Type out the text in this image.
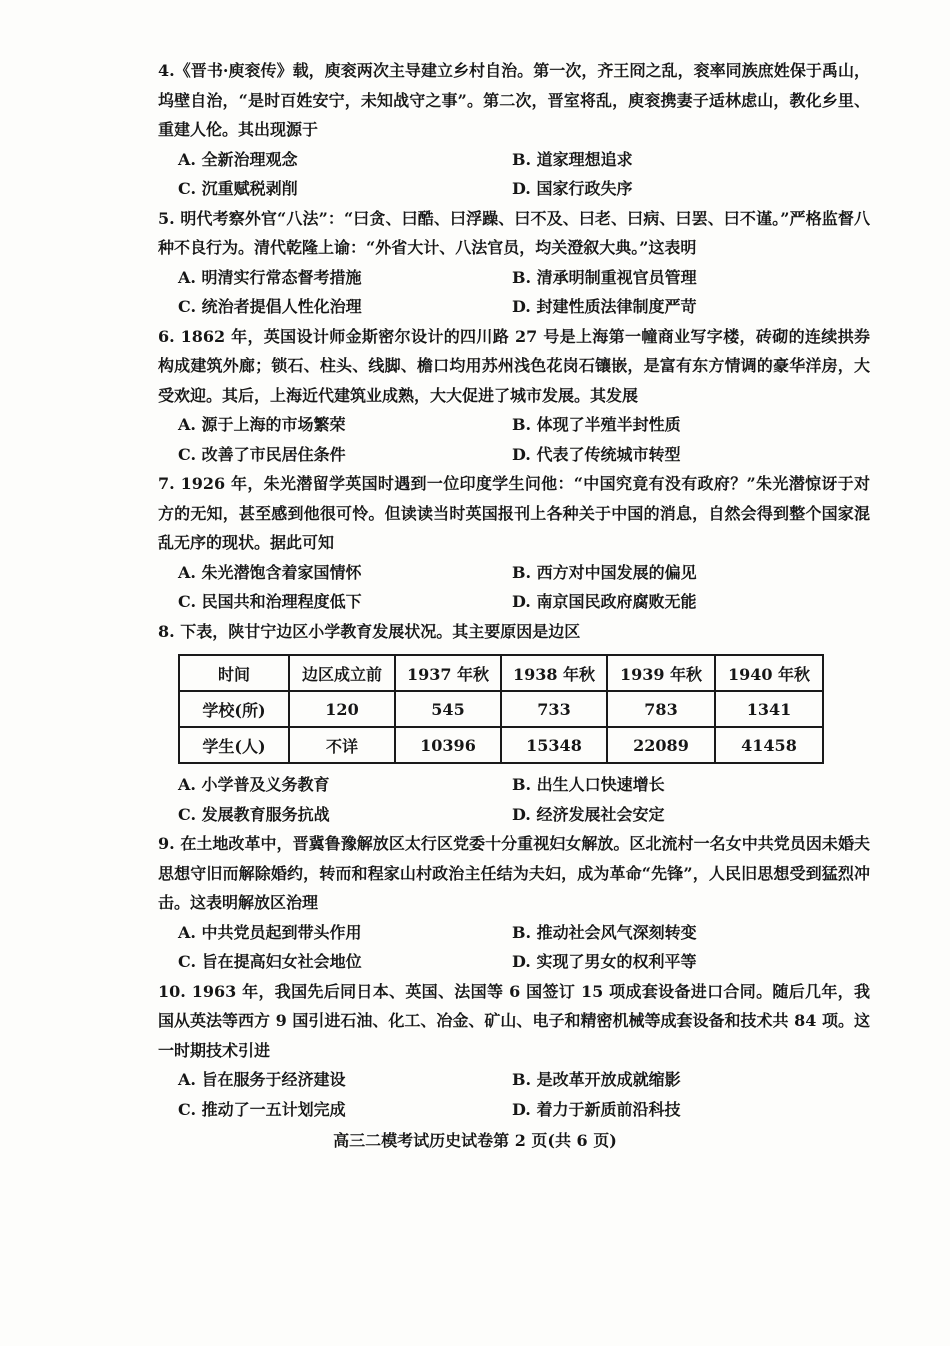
4.《晋书·庾衮传》载，庾衮两次主导建立乡村自治。第一次，齐王冏之乱，衮率同族庶姓保于禹山，坞壁自治，“是时百姓安宁，未知战守之事”。第二次，晋室将乱，庾衮携妻子适林虑山，教化乡里、重建人伦。其出现源于
A. 全新治理观念	B. 道家理想追求
C. 沉重赋税剥削	D. 国家行政失序
5. 明代考察外官“八法”：“曰贪、曰酷、曰浮躁、曰不及、曰老、曰病、曰罢、曰不谨。”严格监督八种不良行为。清代乾隆上谕：“外省大计、八法官员，均关澄叙大典。”这表明
A. 明清实行常态督考措施	B. 清承明制重视官员管理
C. 统治者提倡人性化治理	D. 封建性质法律制度严苛
6. 1862 年，英国设计师金斯密尔设计的四川路 27 号是上海第一幢商业写字楼，砖砌的连续拱券构成建筑外廊；锁石、柱头、线脚、檐口均用苏州浅色花岗石镶嵌，是富有东方情调的豪华洋房，大受欢迎。其后，上海近代建筑业成熟，大大促进了城市发展。其发展
A. 源于上海的市场繁荣	B. 体现了半殖半封性质
C. 改善了市民居住条件	D. 代表了传统城市转型
7. 1926 年，朱光潜留学英国时遇到一位印度学生问他：“中国究竟有没有政府？”朱光潜惊讶于对方的无知，甚至感到他很可怜。但读读当时英国报刊上各种关于中国的消息，自然会得到整个国家混乱无序的现状。据此可知
A. 朱光潜饱含着家国情怀	B. 西方对中国发展的偏见
C. 民国共和治理程度低下	D. 南京国民政府腐败无能
8. 下表，陕甘宁边区小学教育发展状况。其主要原因是边区
时间	边区成立前	1937 年秋	1938 年秋	1939 年秋	1940 年秋
学校(所)	120	545	733	783	1341
学生(人)	不详	10396	15348	22089	41458
A. 小学普及义务教育	B. 出生人口快速增长
C. 发展教育服务抗战	D. 经济发展社会安定
9. 在土地改革中，晋冀鲁豫解放区太行区党委十分重视妇女解放。区北流村一名女中共党员因未婚夫思想守旧而解除婚约，转而和程家山村政治主任结为夫妇，成为革命“先锋”，人民旧思想受到猛烈冲击。这表明解放区治理
A. 中共党员起到带头作用	B. 推动社会风气深刻转变
C. 旨在提高妇女社会地位	D. 实现了男女的权利平等
10. 1963 年，我国先后同日本、英国、法国等 6 国签订 15 项成套设备进口合同。随后几年，我国从英法等西方 9 国引进石油、化工、冶金、矿山、电子和精密机械等成套设备和技术共 84 项。这一时期技术引进
A. 旨在服务于经济建设	B. 是改革开放成就缩影
C. 推动了一五计划完成	D. 着力于新质前沿科技
高三二模考试历史试卷第 2 页(共 6 页)
